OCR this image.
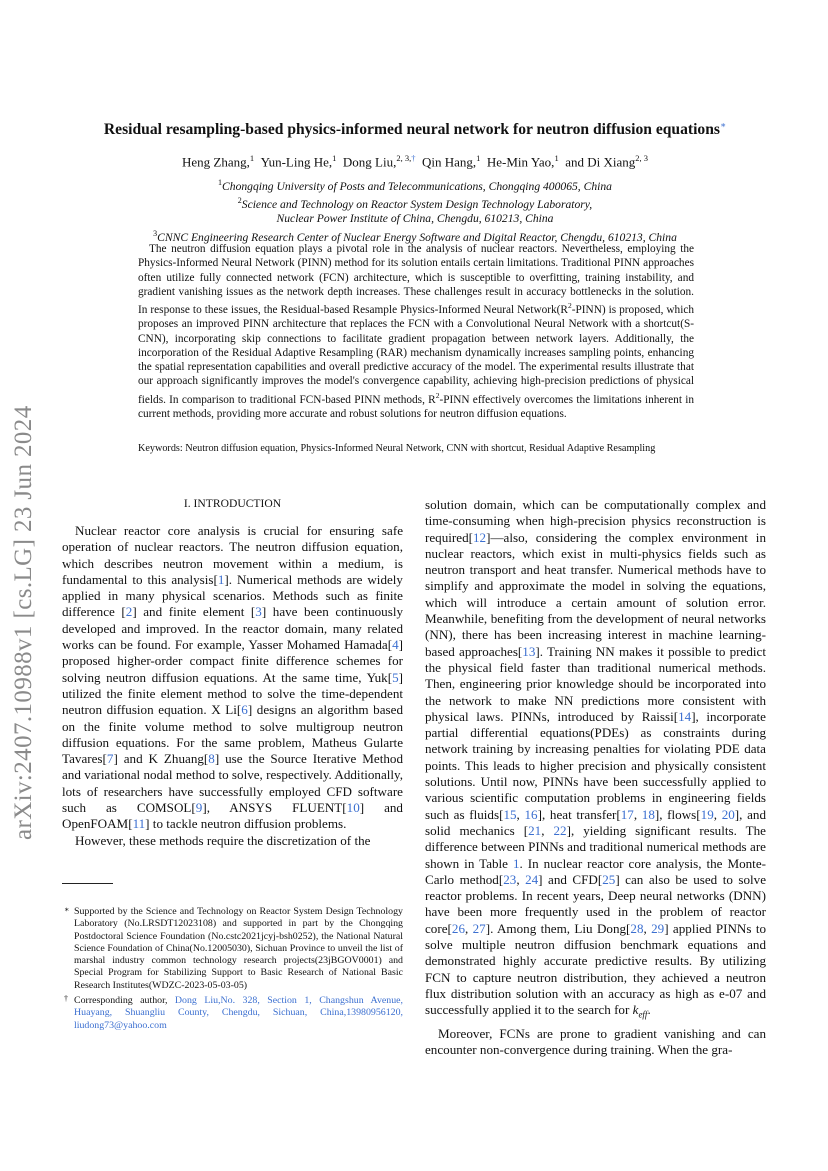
arXiv:2407.10988v1 [cs.LG] 23 Jun 2024
Residual resampling-based physics-informed neural network for neutron diffusion equations∗
Heng Zhang,$^1$ Yun-Ling He,$^1$ Dong Liu,$^{2, 3,\dagger}$ Qin Hang,$^1$ He-Min Yao,$^1$ and Di Xiang$^{2, 3}$
$^1$Chongqing University of Posts and Telecommunications, Chongqing 400065, China
$^2$Science and Technology on Reactor System Design Technology Laboratory,
Nuclear Power Institute of China, Chengdu, 610213, China
$^3$CNNC Engineering Research Center of Nuclear Energy Software and Digital Reactor, Chengdu, 610213, China

The neutron diffusion equation plays a pivotal role in the analysis of nuclear reactors. Nevertheless, employing the Physics-Informed Neural Network (PINN) method for its solution entails certain limitations. Traditional PINN approaches often utilize fully connected network (FCN) architecture, which is susceptible to overfitting, training instability, and gradient vanishing issues as the network depth increases. These challenges result in accuracy bottlenecks in the solution. In response to these issues, the Residual-based Resample Physics-Informed Neural $Network(R^2-PINN)$ is proposed, which proposes an improved PINN architecture that replaces the FCN with a Convolutional Neural Network with a shortcut(S-CNN), incorporating skip connections to facilitate gradient propagation between network layers. Additionally, the incorporation of the Residual Adaptive Resampling (RAR) mechanism dynamically increases sampling points, enhancing the spatial representation capabilities and overall predictive accuracy of the model. The experimental results illustrate that our approach significantly improves the model's convergence capability, achieving high-precision predictions of physical fields. In comparison to traditional FCN-based PINN methods, $R^2$-PINN effectively overcomes the limitations inherent in current methods, providing more accurate and robust solutions for neutron diffusion equations.

Keywords: Neutron diffusion equation, Physics-Informed Neural Network, CNN with shortcut, Residual Adaptive Resampling

I. INTRODUCTION

Nuclear reactor core analysis is crucial for ensuring safe operation of nuclear reactors. The neutron diffusion equation, which describes neutron movement within a medium, is fundamental to this analysis[1]. Numerical methods are widely applied in many physical scenarios. Methods such as finite difference [2] and finite element [3] have been continuously developed and improved. In the reactor domain, many related works can be found. For example, Yasser Mohamed Hamada[4] proposed higher-order compact finite difference schemes for solving neutron diffusion equations. At the same time, Yuk[5] utilized the finite element method to solve the time-dependent neutron diffusion equation. X Li[6] designs an algorithm based on the finite volume method to solve multigroup neutron diffusion equations. For the same problem, Matheus Gularte Tavares[7] and K Zhuang[8] use the Source Iterative Method and variational nodal method to solve, respectively. Additionally, lots of researchers have successfully employed CFD software such as COMSOL[9], ANSYS FLUENT[10] and OpenFOAM[11] to tackle neutron diffusion problems.

However, these methods require the discretization of the

solution domain, which can be computationally complex and time-consuming when high-precision physics reconstruction is required[12]—also, considering the complex environment in nuclear reactors, which exist in multi-physics fields such as neutron transport and heat transfer. Numerical methods have to simplify and approximate the model in solving the equations, which will introduce a certain amount of solution error. Meanwhile, benefiting from the development of neural networks (NN), there has been increasing interest in machine learning-based approaches[13]. Training NN makes it possible to predict the physical field faster than traditional numerical methods. Then, engineering prior knowledge should be incorporated into the network to make NN predictions more consistent with physical laws. PINNs, introduced by Raissi[14], incorporate partial differential equations(PDEs) as constraints during network training by increasing penalties for violating PDE data points. This leads to higher precision and physically consistent solutions. Until now, PINNs have been successfully applied to various scientific computation problems in engineering fields such as fluids[15, 16], heat transfer[17, 18], flows[19, 20], and solid mechanics [21, 22], yielding significant results. The difference between PINNs and traditional numerical methods are shown in Table 1. In nuclear reactor core analysis, the Monte-Carlo method[23, 24] and CFD[25] can also be used to solve reactor problems. In recent years, Deep neural networks (DNN) have been more frequently used in the problem of reactor core[26, 27]. Among them, Liu Dong[28, 29] applied PINNs to solve multiple neutron diffusion benchmark equations and demonstrated highly accurate predictive results. By utilizing FCN to capture neutron distribution, they achieved a neutron flux distribution solution with an accuracy as high as e-07 and successfully applied it to the search for $k_{eff}$.

Moreover, FCNs are prone to gradient vanishing and can encounter non-convergence during training. When the gra-

∗ Supported by the Science and Technology on Reactor System Design Technology Laboratory (No.LRSDT12023108) and supported in part by the Chongqing Postdoctoral Science Foundation (No.cstc2021jcyj-bsh0252), the National Natural Science Foundation of China(No.12005030), Sichuan Province to unveil the list of marshal industry common technology research projects(23jBGOV0001) and Special Program for Stabilizing Support to Basic Research of National Basic Research Institutes(WDZC-2023-05-03-05)

† Corresponding author, Dong Liu,No. 328, Section 1, Changshun Avenue, Huayang, Shuangliu County, Chengdu, Sichuan, China,13980956120, liudong73@yahoo.com
